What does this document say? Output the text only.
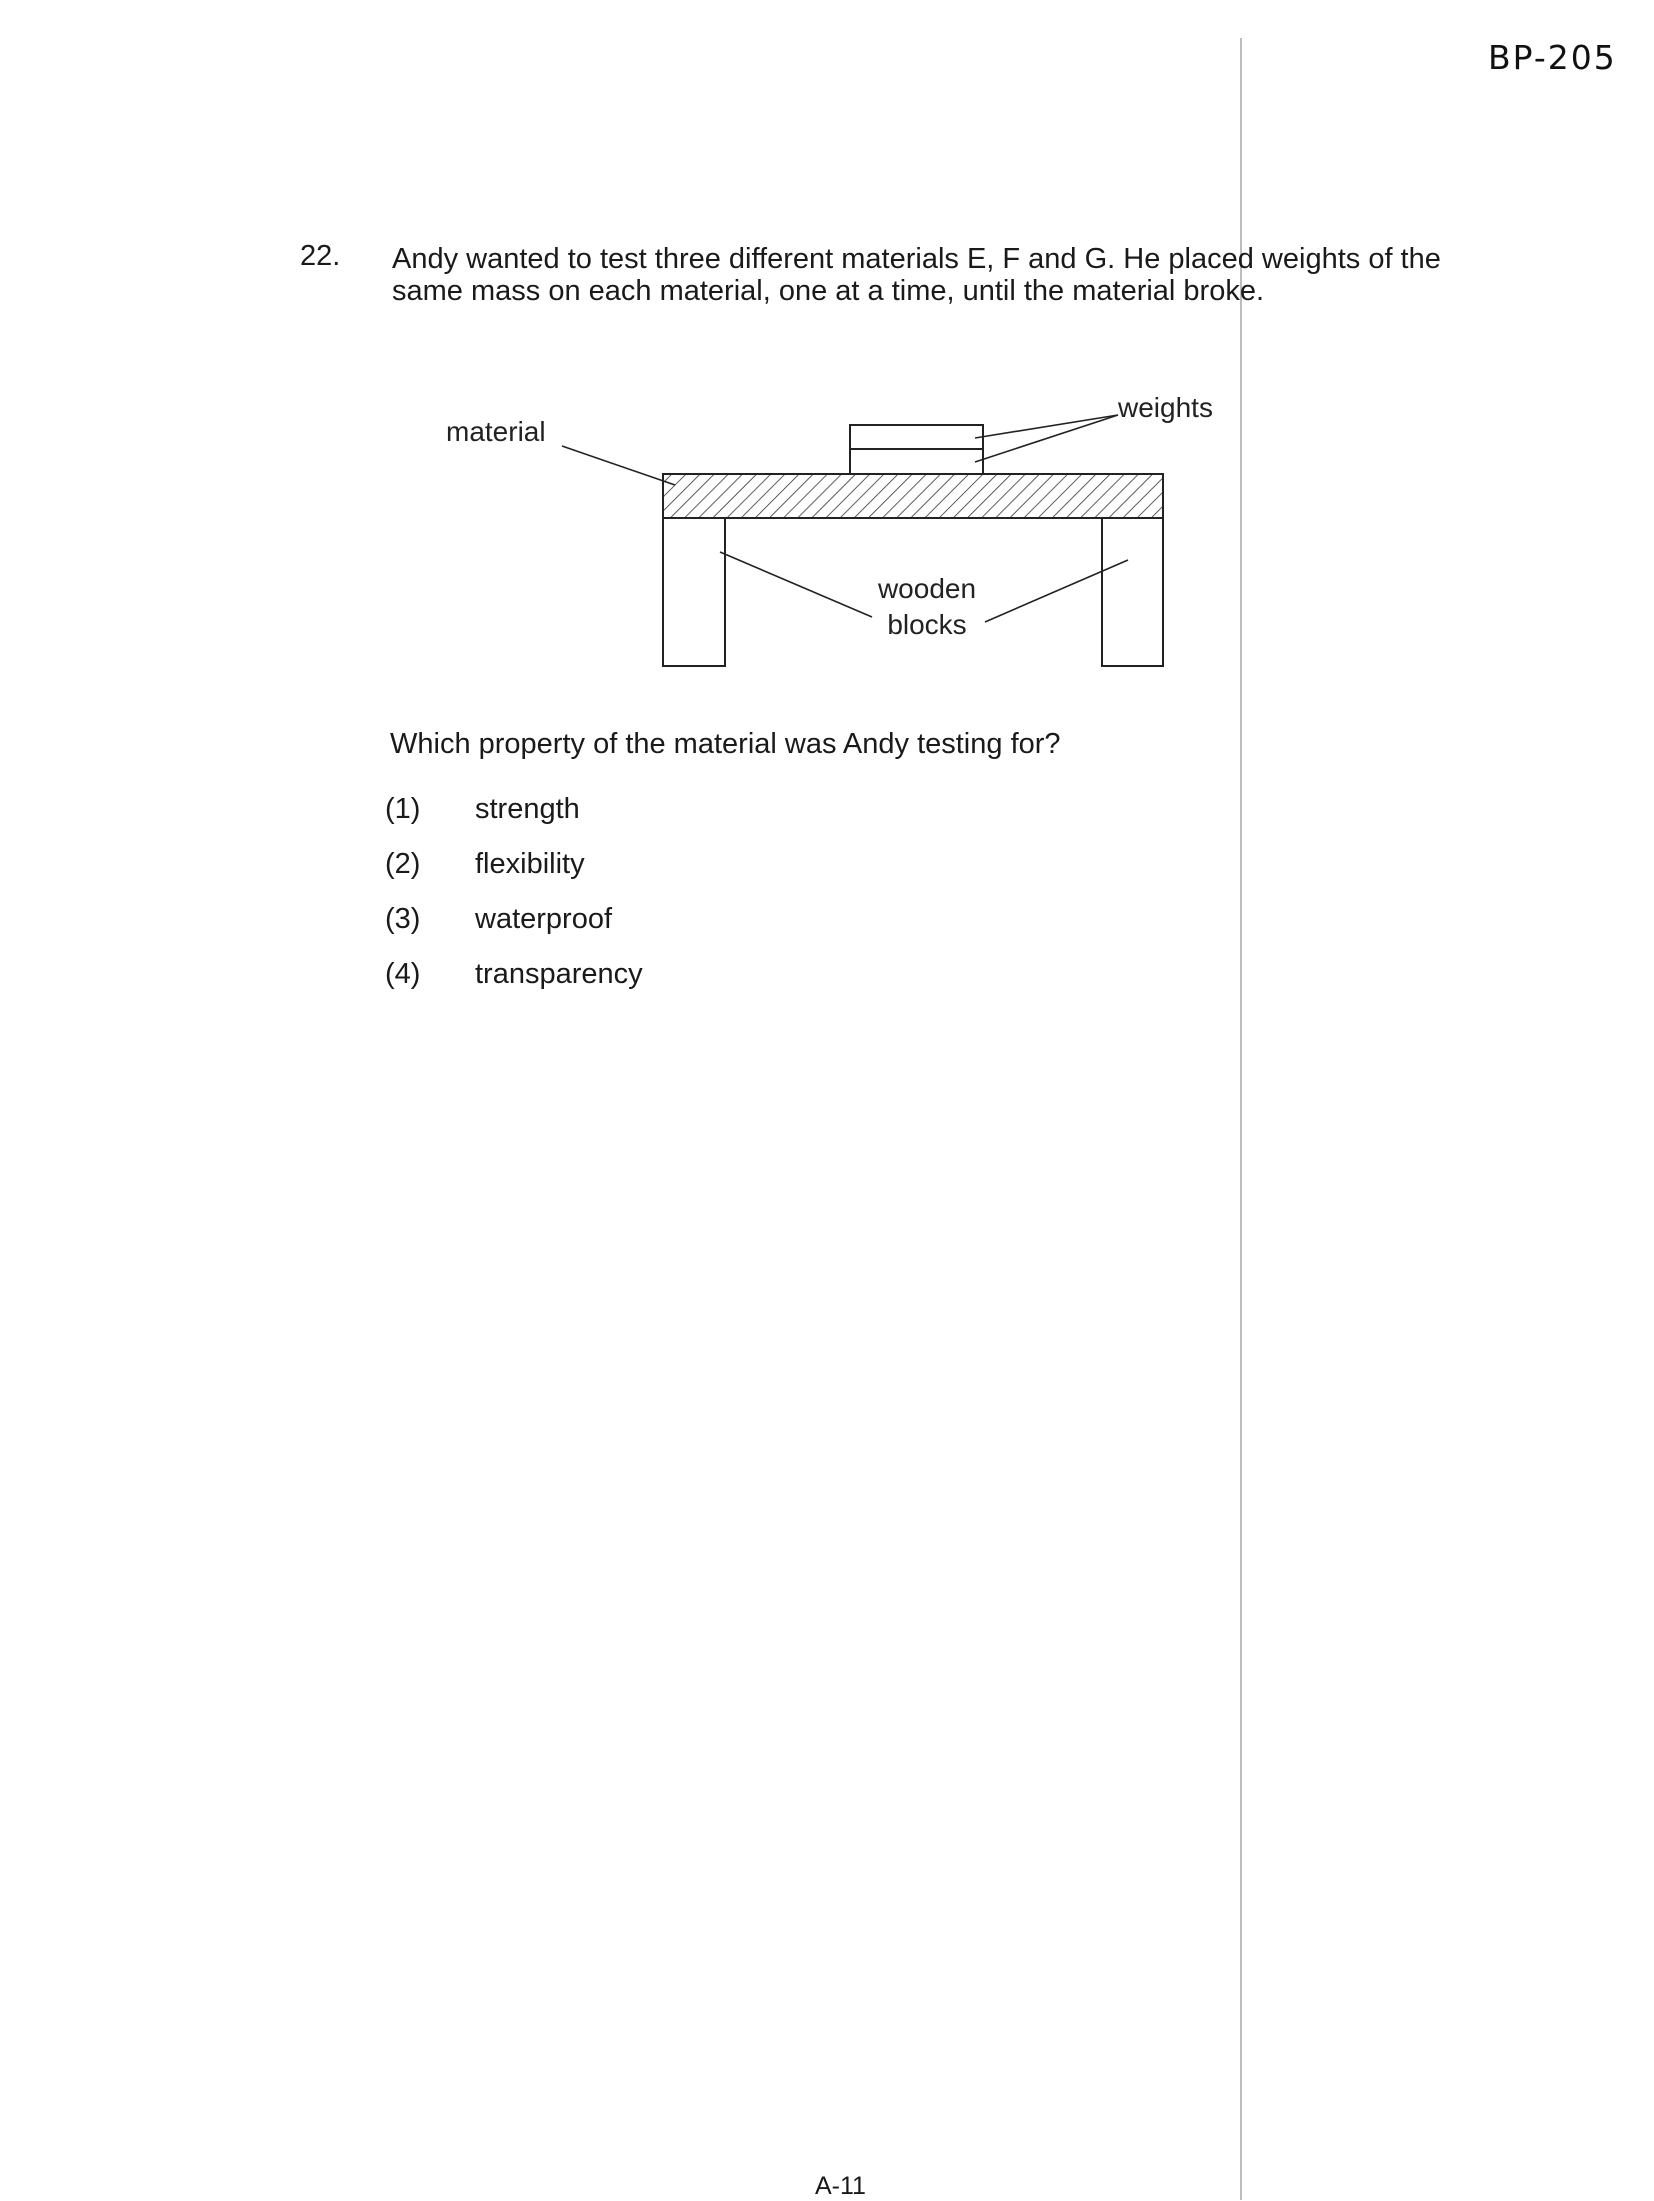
BP-205
22. Andy wanted to test three different materials E, F and G. He placed weights of the same mass on each material, one at a time, until the material broke.
material
weights
wooden
blocks
Which property of the material was Andy testing for?
(1)	strength
(2)	flexibility
(3)	waterproof
(4)	transparency
A-11
